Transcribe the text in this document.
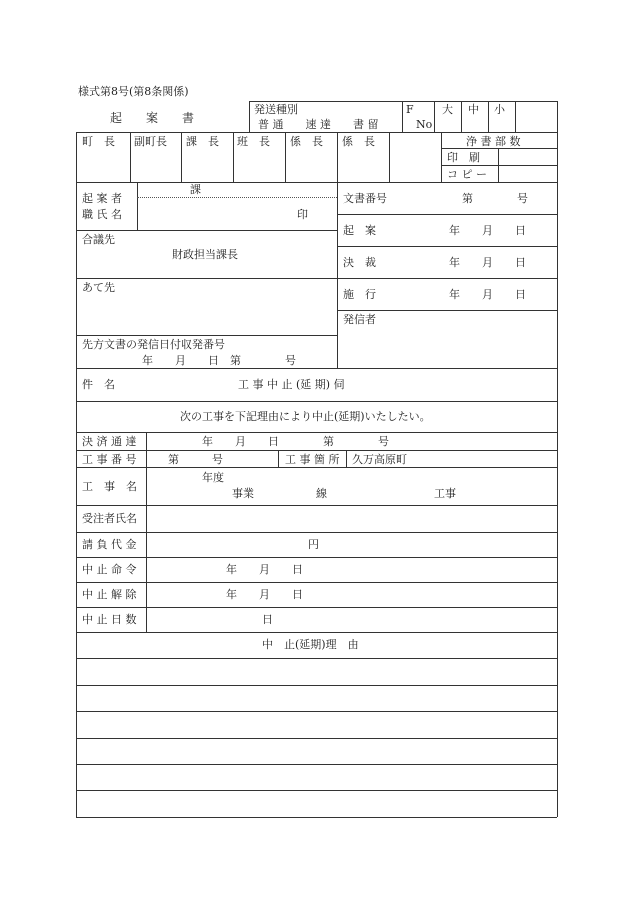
様式第8号(第8条関係)
起　　案　　書
発送種別
普 通　　速 達　　書 留
F
No
大 中 小
町　長 副町長 課　長 班　長 係　長 係　長	浄 書 部 数
印　刷
コ ピ ー
課
起 案 者
職 氏 名	印
合議先
財政担当課長
あて先
先方文書の発信日付収発番号
年　　月　　日　第　　　　号
文書番号	第　　　　号
起　案	年　　月　　日
決　裁	年　　月　　日
施　行	年　　月　　日
発信者
件　名	工 事 中 止 (延 期) 伺
次の工事を下記理由により中止(延期)いたしたい。
決 済 通 達	年　　月　　日　　　　第　　　　号
工 事 番 号	第　　　号	工 事 箇 所 久万高原町
工　事　名
年度
事業	線	工事
受注者氏名
請 負 代 金	円
中 止 命 令	年　　月　　日
中 止 解 除	年　　月　　日
中 止 日 数	日
中　止(延期)理　由
